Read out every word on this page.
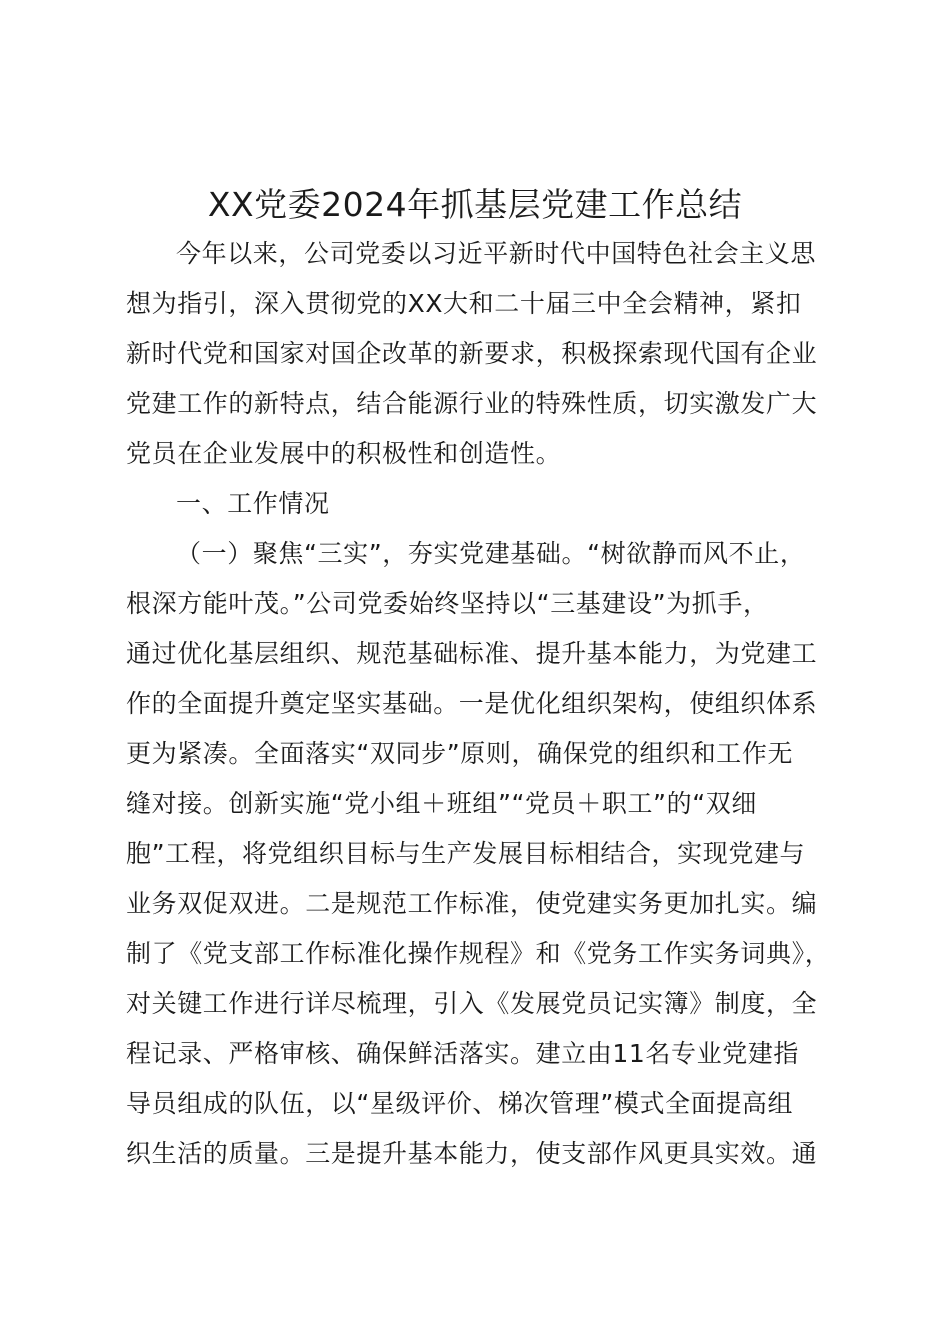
XX党委2024年抓基层党建工作总结
今年以来，公司党委以习近平新时代中国特色社会主义思
想为指引，深入贯彻党的XX大和二十届三中全会精神，紧扣
新时代党和国家对国企改革的新要求，积极探索现代国有企业
党建工作的新特点，结合能源行业的特殊性质，切实激发广大
党员在企业发展中的积极性和创造性。
一、工作情况
（一）聚焦“三实”，夯实党建基础。“树欲静而风不止，
根深方能叶茂。”公司党委始终坚持以“三基建设”为抓手，
通过优化基层组织、规范基础标准、提升基本能力，为党建工
作的全面提升奠定坚实基础。一是优化组织架构，使组织体系
更为紧凑。全面落实“双同步”原则，确保党的组织和工作无
缝对接。创新实施“党小组＋班组”“党员＋职工”的“双细
胞”工程，将党组织目标与生产发展目标相结合，实现党建与
业务双促双进。二是规范工作标准，使党建实务更加扎实。编
制了《党支部工作标准化操作规程》和《党务工作实务词典》，
对关键工作进行详尽梳理，引入《发展党员记实簿》制度，全
程记录、严格审核、确保鲜活落实。建立由11名专业党建指
导员组成的队伍，以“星级评价、梯次管理”模式全面提高组
织生活的质量。三是提升基本能力，使支部作风更具实效。通
